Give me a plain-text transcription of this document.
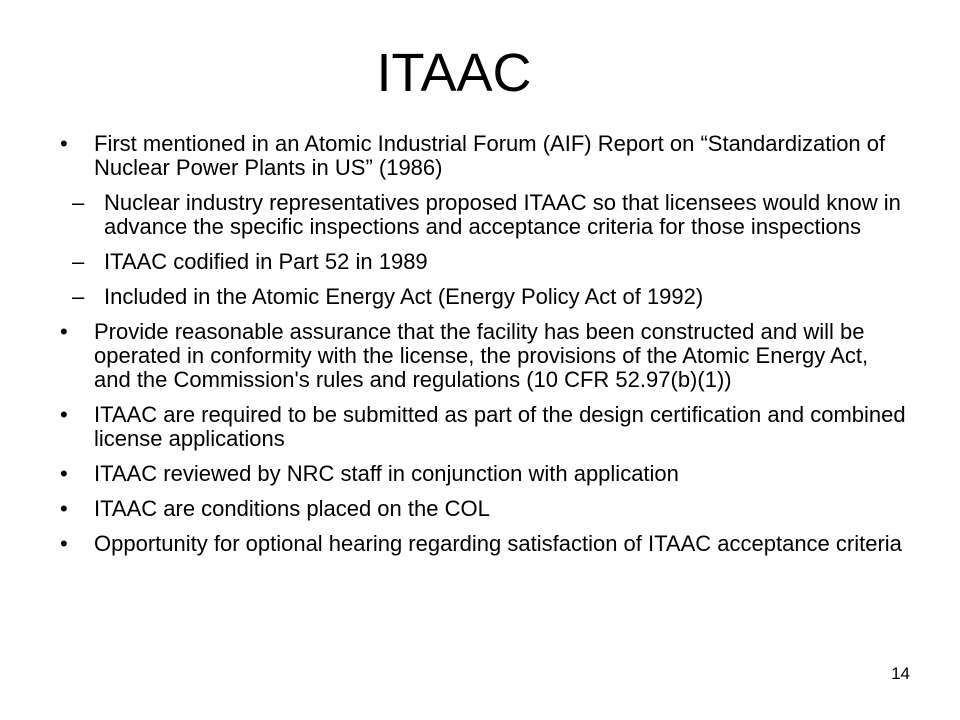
ITAAC
• First mentioned in an Atomic Industrial Forum (AIF) Report on “Standardization of Nuclear Power Plants in US” (1986)
– Nuclear industry representatives proposed ITAAC so that licensees would know in advance the specific inspections and acceptance criteria for those inspections
– ITAAC codified in Part 52 in 1989
– Included in the Atomic Energy Act (Energy Policy Act of 1992)
• Provide reasonable assurance that the facility has been constructed and will be operated in conformity with the license, the provisions of the Atomic Energy Act, and the Commission's rules and regulations (10 CFR 52.97(b)(1))
• ITAAC are required to be submitted as part of the design certification and combined license applications
• ITAAC reviewed by NRC staff in conjunction with application
• ITAAC are conditions placed on the COL
• Opportunity for optional hearing regarding satisfaction of ITAAC acceptance criteria
14
